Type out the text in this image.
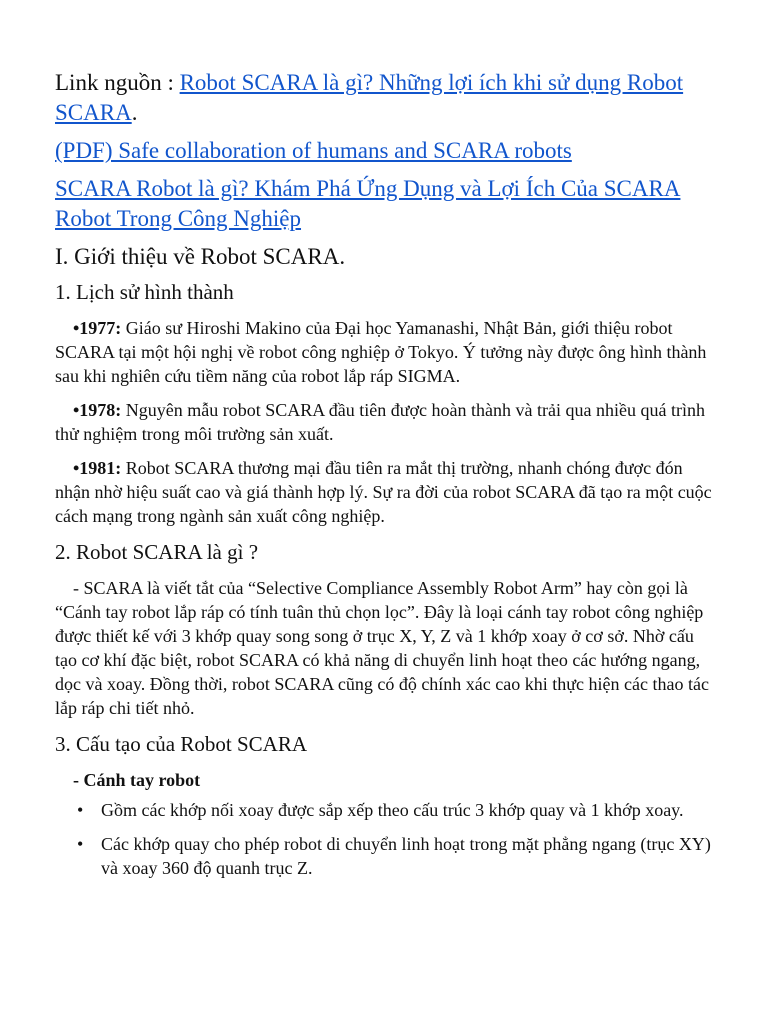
Link nguồn : Robot SCARA là gì? Những lợi ích khi sử dụng Robot SCARA.

(PDF) Safe collaboration of humans and SCARA robots

SCARA Robot là gì? Khám Phá Ứng Dụng và Lợi Ích Của SCARA Robot Trong Công Nghiệp

I. Giới thiệu về Robot SCARA.
1. Lịch sử hình thành

•1977: Giáo sư Hiroshi Makino của Đại học Yamanashi, Nhật Bản, giới thiệu robot SCARA tại một hội nghị về robot công nghiệp ở Tokyo. Ý tưởng này được ông hình thành sau khi nghiên cứu tiềm năng của robot lắp ráp SIGMA.

•1978: Nguyên mẫu robot SCARA đầu tiên được hoàn thành và trải qua nhiều quá trình thử nghiệm trong môi trường sản xuất.

•1981: Robot SCARA thương mại đầu tiên ra mắt thị trường, nhanh chóng được đón nhận nhờ hiệu suất cao và giá thành hợp lý. Sự ra đời của robot SCARA đã tạo ra một cuộc cách mạng trong ngành sản xuất công nghiệp.

2. Robot SCARA là gì ?

- SCARA là viết tắt của “Selective Compliance Assembly Robot Arm” hay còn gọi là “Cánh tay robot lắp ráp có tính tuân thủ chọn lọc”. Đây là loại cánh tay robot công nghiệp được thiết kế với 3 khớp quay song song ở trục X, Y, Z và 1 khớp xoay ở cơ sở. Nhờ cấu tạo cơ khí đặc biệt, robot SCARA có khả năng di chuyển linh hoạt theo các hướng ngang, dọc và xoay. Đồng thời, robot SCARA cũng có độ chính xác cao khi thực hiện các thao tác lắp ráp chi tiết nhỏ.

3. Cấu tạo của Robot SCARA

- Cánh tay robot

• Gồm các khớp nối xoay được sắp xếp theo cấu trúc 3 khớp quay và 1 khớp xoay.
• Các khớp quay cho phép robot di chuyển linh hoạt trong mặt phẳng ngang (trục XY) và xoay 360 độ quanh trục Z.
